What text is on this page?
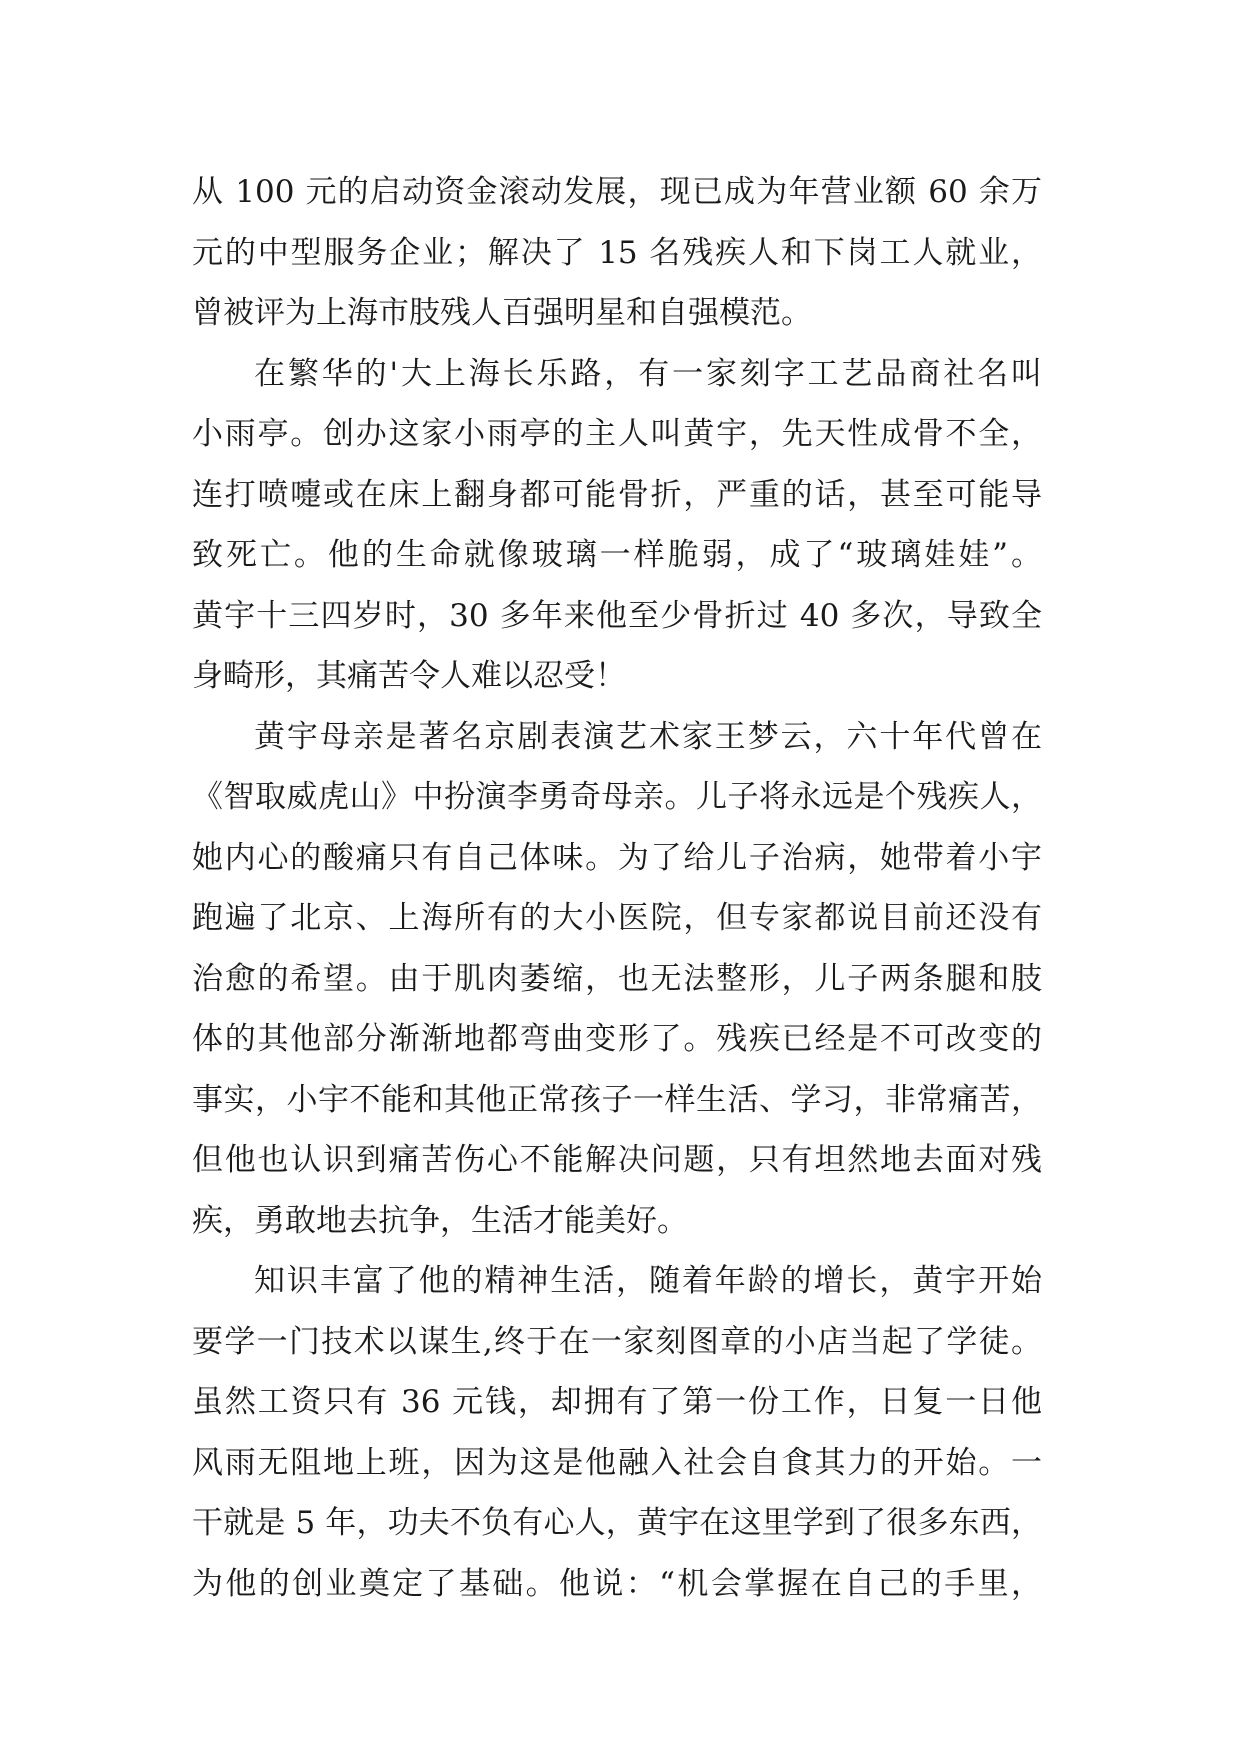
从 100 元的启动资金滚动发展，现已成为年营业额 60 余万
元的中型服务企业；解决了 15 名残疾人和下岗工人就业，
曾被评为上海市肢残人百强明星和自强模范。
在繁华的'大上海长乐路，有一家刻字工艺品商社名叫
小雨亭。创办这家小雨亭的主人叫黄宇，先天性成骨不全，
连打喷嚏或在床上翻身都可能骨折，严重的话，甚至可能导
致死亡。他的生命就像玻璃一样脆弱，成了“玻璃娃娃”。
黄宇十三四岁时，30 多年来他至少骨折过 40 多次，导致全
身畸形，其痛苦令人难以忍受！
黄宇母亲是著名京剧表演艺术家王梦云，六十年代曾在
《智取威虎山》中扮演李勇奇母亲。儿子将永远是个残疾人，
她内心的酸痛只有自己体味。为了给儿子治病，她带着小宇
跑遍了北京、上海所有的大小医院，但专家都说目前还没有
治愈的希望。由于肌肉萎缩，也无法整形，儿子两条腿和肢
体的其他部分渐渐地都弯曲变形了。残疾已经是不可改变的
事实，小宇不能和其他正常孩子一样生活、学习，非常痛苦，
但他也认识到痛苦伤心不能解决问题，只有坦然地去面对残
疾，勇敢地去抗争，生活才能美好。
知识丰富了他的精神生活，随着年龄的增长，黄宇开始
要学一门技术以谋生,终于在一家刻图章的小店当起了学徒。
虽然工资只有 36 元钱，却拥有了第一份工作，日复一日他
风雨无阻地上班，因为这是他融入社会自食其力的开始。一
干就是 5 年，功夫不负有心人，黄宇在这里学到了很多东西，
为他的创业奠定了基础。他说：“机会掌握在自己的手里，
